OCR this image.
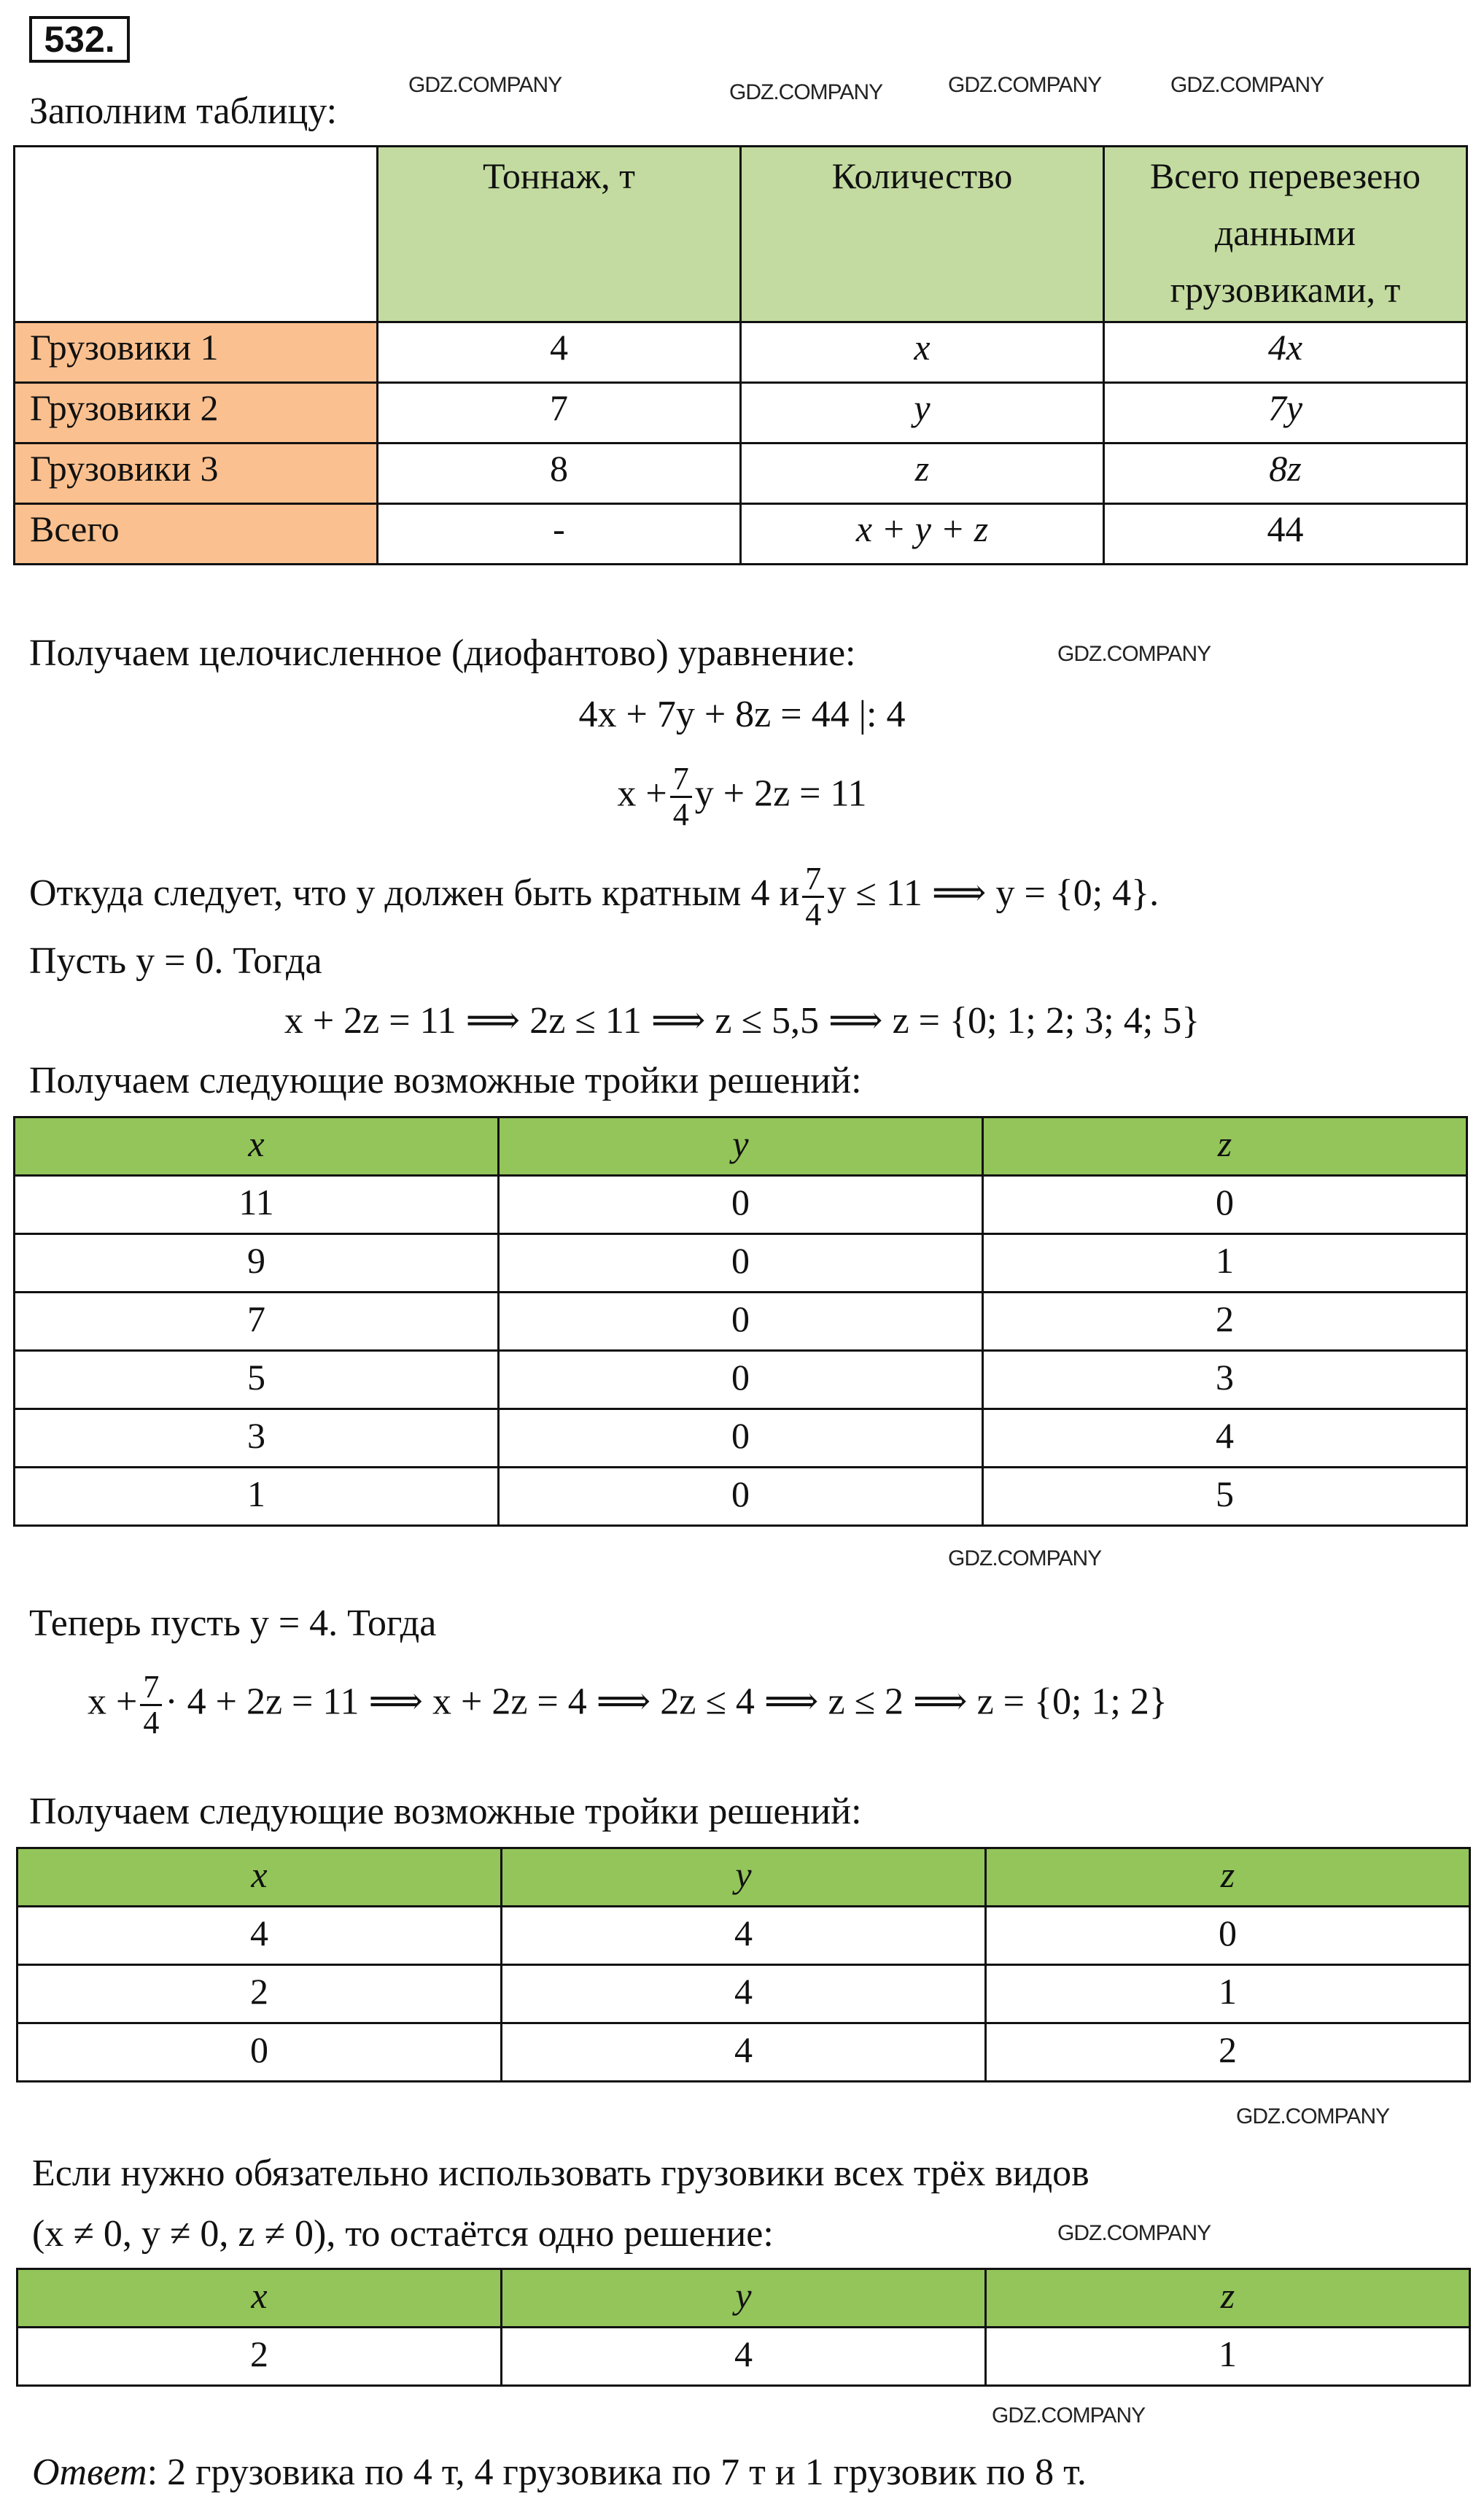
532.
Заполним таблицу:
	Тоннаж, т	Количество	Всего перевезено данными грузовиками, т
Грузовики 1	4	x	4x
Грузовики 2	7	y	7y
Грузовики 3	8	z	8z
Всего	-	x + y + z	44
Получаем целочисленное (диофантово) уравнение:
4x + 7y + 8z = 44 |: 4
$x + \frac{7}{4}$ y + 2z = 11
Откуда следует, что y должен быть кратным 4 и $\frac{7}{4}$ y ≤ 11 ⟹ y = {0; 4}.
Пусть y = 0. Тогда
x + 2z = 11 ⟹ 2z ≤ 11 ⟹ z ≤ 5,5 ⟹ z = {0; 1; 2; 3; 4; 5}
Получаем следующие возможные тройки решений:
x	y	z
11	0	0
9	0	1
7	0	2
5	0	3
3	0	4
1	0	5
Теперь пусть y = 4. Тогда
$x + \frac{7}{4} \cdot 4 + 2z = 11$ ⟹ x + 2z = 4 ⟹ 2z ≤ 4 ⟹ z ≤ 2 ⟹ z = {0; 1; 2}
Получаем следующие возможные тройки решений:
x	y	z
4	4	0
2	4	1
0	4	2
Если нужно обязательно использовать грузовики всех трёх видов
(x ≠ 0, y ≠ 0, z ≠ 0), то остаётся одно решение:
x	y	z
2	4	1
Ответ: 2 грузовика по 4 т, 4 грузовика по 7 т и 1 грузовик по 8 т.
GDZ.COMPANY	GDZ.COMPANY	GDZ.COMPANY	GDZ.COMPANY
GDZ.COMPANY
GDZ.COMPANY
GDZ.COMPANY
GDZ.COMPANY
GDZ.COMPANY
